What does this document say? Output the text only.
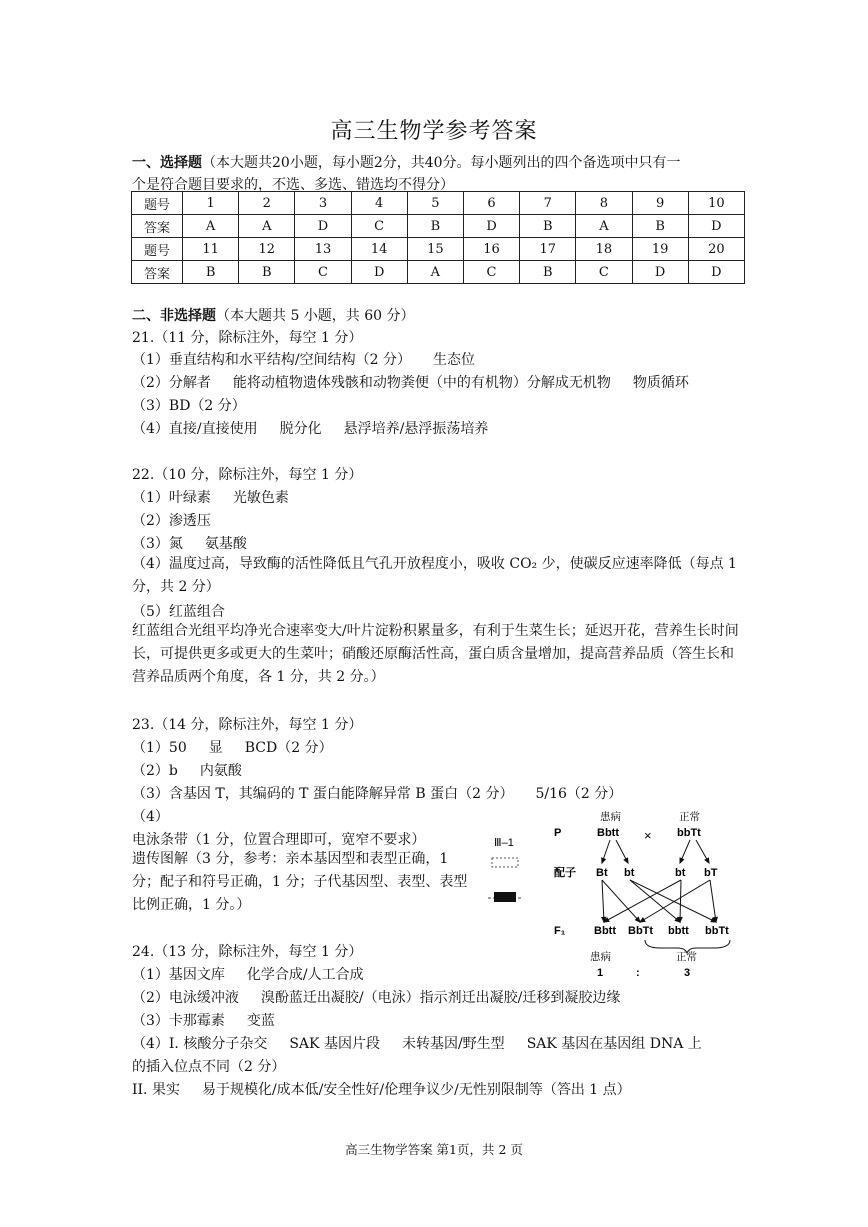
高三生物学参考答案
一、选择题（本大题共20小题，每小题2分，共40分。每小题列出的四个备选项中只有一
个是符合题目要求的，不选、多选、错选均不得分）
题号	1	2	3	4	5	6	7	8	9	10
答案	A	A	D	C	B	D	B	A	B	D
题号	11	12	13	14	15	16	17	18	19	20
答案	B	B	C	D	A	C	B	C	D	D
二、非选择题（本大题共 5 小题，共 60 分）
21.（11 分，除标注外，每空 1 分）
（1）垂直结构和水平结构/空间结构（2 分） 生态位
（2）分解者 能将动植物遗体残骸和动物粪便（中的有机物）分解成无机物 物质循环
（3）BD（2 分）
（4）直接/直接使用 脱分化 悬浮培养/悬浮振荡培养
22.（10 分，除标注外，每空 1 分）
（1）叶绿素 光敏色素
（2）渗透压
（3）氮 氨基酸
（4）温度过高，导致酶的活性降低且气孔开放程度小，吸收 CO₂ 少，使碳反应速率降低（每点 1 分，共 2 分）
（5）红蓝组合
红蓝组合光组平均净光合速率变大/叶片淀粉积累量多，有利于生菜生长；延迟开花，营养生长时间长，可提供更多或更大的生菜叶；硝酸还原酶活性高，蛋白质含量增加，提高营养品质（答生长和营养品质两个角度，各 1 分，共 2 分。）
23.（14 分，除标注外，每空 1 分）
（1）50 显 BCD（2 分）
（2）b 内氨酸
（3）含基因 T，其编码的 T 蛋白能降解异常 B 蛋白（2 分） 5/16（2 分）
（4）
电泳条带（1 分，位置合理即可，宽窄不要求）
遗传图解（3 分，参考：亲本基因型和表型正确，1 分；配子和符号正确，1 分；子代基因型、表型、表型比例正确，1 分。）
Ⅲ–1
P
患病
Bbtt ×
正常
bbTt
配子 Bt bt	bt bT
F₁	Bbtt BbTt bbtt bbTt
患病	正常
1	:	3
24.（13 分，除标注外，每空 1 分）
（1）基因文库 化学合成/人工合成
（2）电泳缓冲液 溴酚蓝迁出凝胶/（电泳）指示剂迁出凝胶/迁移到凝胶边缘
（3）卡那霉素 变蓝
（4）I. 核酸分子杂交 SAK 基因片段 未转基因/野生型 SAK 基因在基因组 DNA 上
的插入位点不同（2 分）
II. 果实 易于规模化/成本低/安全性好/伦理争议少/无性别限制等（答出 1 点）
高三生物学答案 第1页，共 2 页
